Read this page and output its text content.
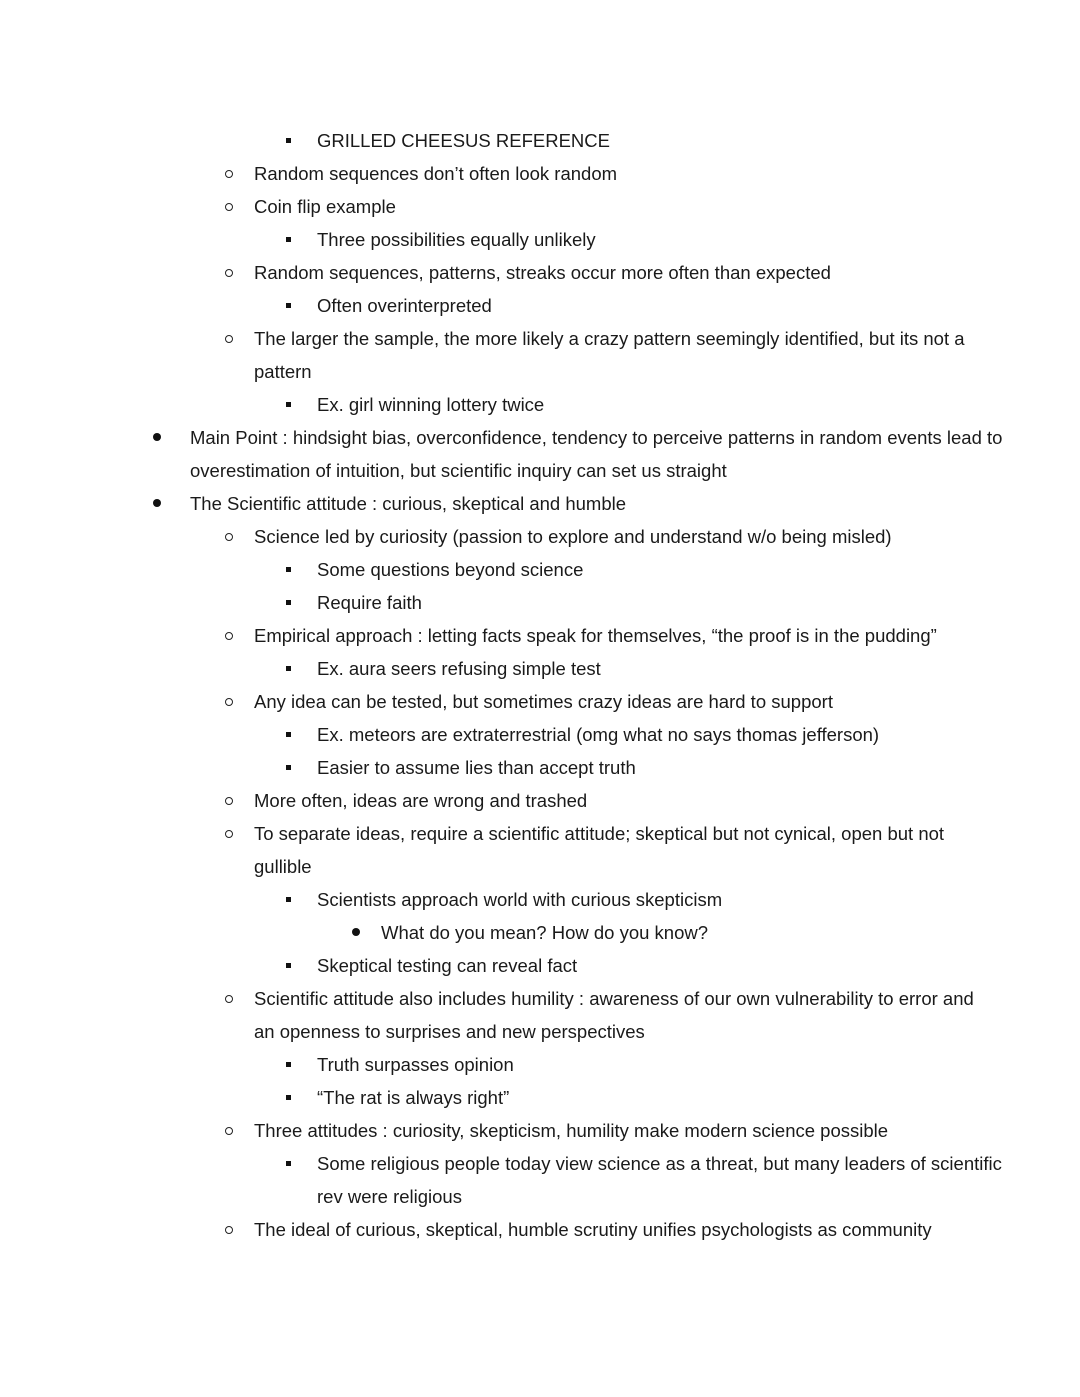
GRILLED CHEESUS REFERENCE
Random sequences don’t often look random
Coin flip example
Three possibilities equally unlikely
Random sequences, patterns, streaks occur more often than expected
Often overinterpreted
The larger the sample, the more likely a crazy pattern seemingly identified, but its not a
pattern
Ex. girl winning lottery twice
Main Point : hindsight bias, overconfidence, tendency to perceive patterns in random events lead to
overestimation of intuition, but scientific inquiry can set us straight
The Scientific attitude : curious, skeptical and humble
Science led by curiosity (passion to explore and understand w/o being misled)
Some questions beyond science
Require faith
Empirical approach : letting facts speak for themselves, “the proof is in the pudding”
Ex. aura seers refusing simple test
Any idea can be tested, but sometimes crazy ideas are hard to support
Ex. meteors are extraterrestrial (omg what no says thomas jefferson)
Easier to assume lies than accept truth
More often, ideas are wrong and trashed
To separate ideas, require a scientific attitude; skeptical but not cynical, open but not
gullible
Scientists approach world with curious skepticism
What do you mean? How do you know?
Skeptical testing can reveal fact
Scientific attitude also includes humility : awareness of our own vulnerability to error and
an openness to surprises and new perspectives
Truth surpasses opinion
“The rat is always right”
Three attitudes : curiosity, skepticism, humility make modern science possible
Some religious people today view science as a threat, but many leaders of scientific
rev were religious
The ideal of curious, skeptical, humble scrutiny unifies psychologists as community
